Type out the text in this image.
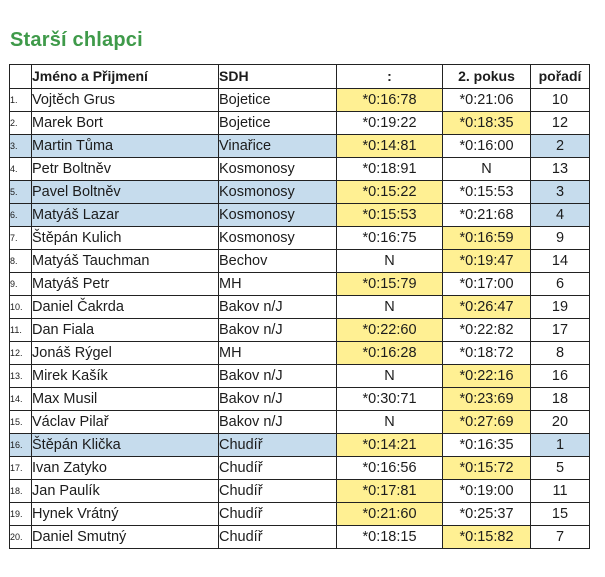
Starší chlapci
	Jméno a Přijmení	SDH	:	2. pokus	pořadí
1.	Vojtěch Grus	Bojetice	*0:16:78	*0:21:06	10
2.	Marek Bort	Bojetice	*0:19:22	*0:18:35	12
3.	Martin Tůma	Vinařice	*0:14:81	*0:16:00	2
4.	Petr Boltněv	Kosmonosy	*0:18:91	N	13
5.	Pavel Boltněv	Kosmonosy	*0:15:22	*0:15:53	3
6.	Matyáš Lazar	Kosmonosy	*0:15:53	*0:21:68	4
7.	Štěpán Kulich	Kosmonosy	*0:16:75	*0:16:59	9
8.	Matyáš Tauchman	Bechov	N	*0:19:47	14
9.	Matyáš Petr	MH	*0:15:79	*0:17:00	6
10.	Daniel Čakrda	Bakov n/J	N	*0:26:47	19
11.	Dan Fiala	Bakov n/J	*0:22:60	*0:22:82	17
12.	Jonáš Rýgel	MH	*0:16:28	*0:18:72	8
13.	Mirek Kašík	Bakov n/J	N	*0:22:16	16
14.	Max Musil	Bakov n/J	*0:30:71	*0:23:69	18
15.	Václav Pilař	Bakov n/J	N	*0:27:69	20
16.	Štěpán Klička	Chudíř	*0:14:21	*0:16:35	1
17.	Ivan Zatyko	Chudíř	*0:16:56	*0:15:72	5
18.	Jan Paulík	Chudíř	*0:17:81	*0:19:00	11
19.	Hynek Vrátný	Chudíř	*0:21:60	*0:25:37	15
20.	Daniel Smutný	Chudíř	*0:18:15	*0:15:82	7
